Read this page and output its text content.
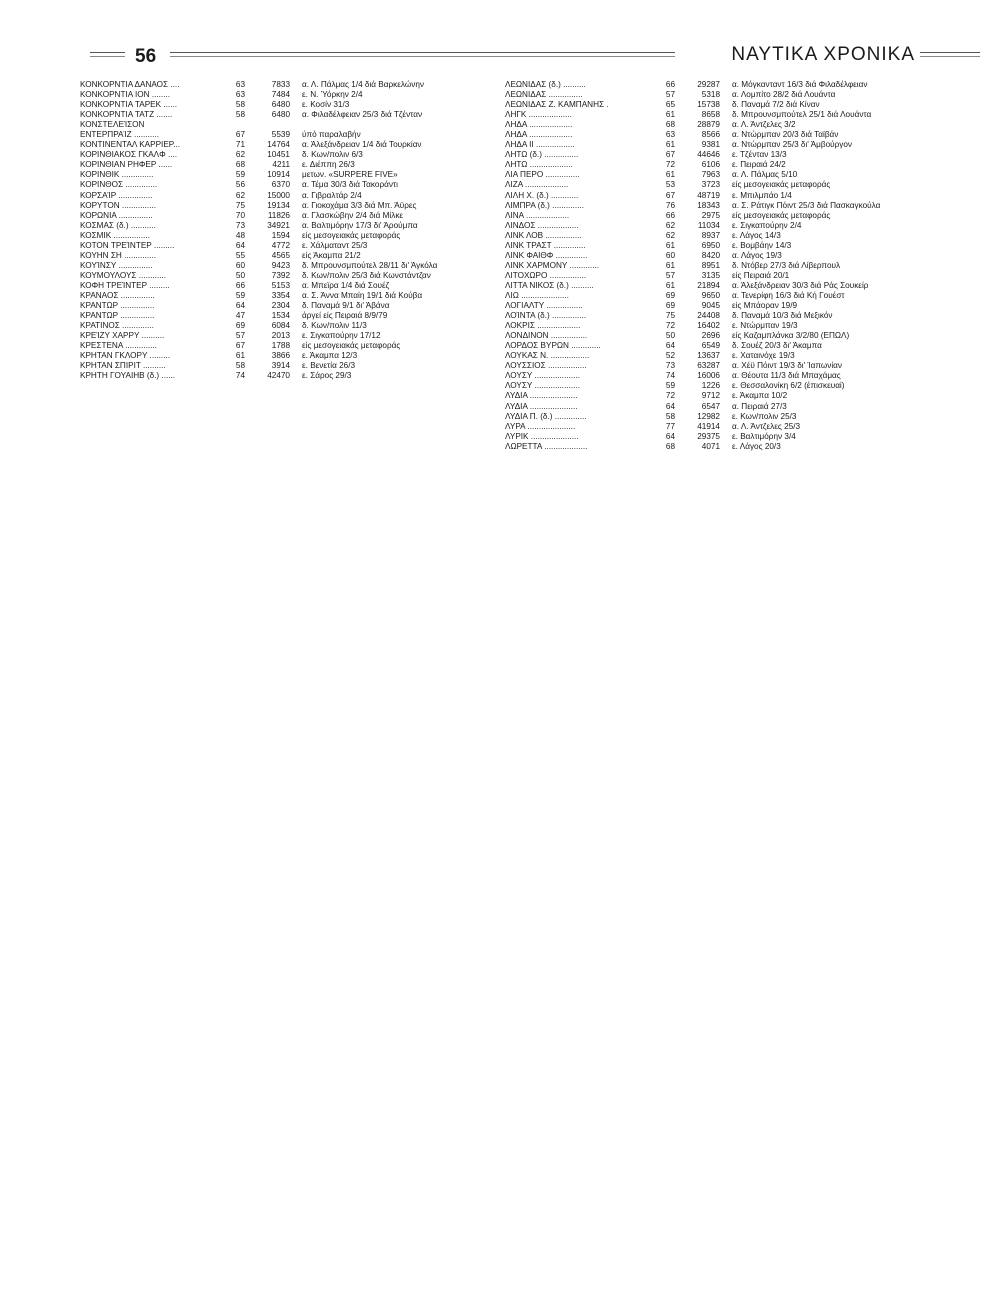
56	ΝΑΥΤΙΚΑ ΧΡΟΝΙΚΑ
ΚΟΝΚΟΡΝΤΙΑ ΔΑΝΑΟΣ ....	63	7833	α. Λ. Πάλμας 1/4 διά Βαρκελώνην
ΚΟΝΚΟΡΝΤΙΑ ΙΟΝ ........	63	7484	ε. Ν. Ύόρκην 2/4
ΚΟΝΚΟΡΝΤΙΑ ΤΑΡΕΚ ......	58	6480	ε. Κοσίν 31/3
ΚΟΝΚΟΡΝΤΙΑ ΤΑΤΖ .......	58	6480	α. Φιλαδέλφειαν 25/3 διά Τζένταν
ΚΟΝΣΤΕΛΕΊΣΟΝ
ΕΝΤΕΡΠΡΑΊΖ ...........	67	5539	ύπό παραλαβήν
ΚΟΝΤΙΝΕΝΤΑΛ ΚΑΡΡΙΕΡ...	71	14764	α. Άλεξάνδρειαν 1/4 διά Τουρκίαν
ΚΟΡΙΝΘΙΑΚΟΣ ΓΚΑΛΦ ....	62	10451	δ. Κων/πολιν 6/3
ΚΟΡΙΝΘΙΑΝ ΡΗΦΕΡ ......	68	4211	ε. Διέππη 26/3
ΚΟΡΙΝΘΙΚ ..............	59	10914	μετων. «SURPERE FIVE»
ΚΟΡΙΝΘΟΣ ..............	56	6370	α. Τέμα 30/3 διά Τακοράντι
ΚΟΡΣΑΊΡ ...............	62	15000	α. Γιβραλτάρ 2/4
ΚΟΡΥΤΟΝ ...............	75	19134	α. Γιοκοχάμα 3/3 διά Μπ. Άϋρες
ΚΟΡΩΝΙΑ ...............	70	11826	α. Γλασκώβην 2/4 διά Μίλκε
ΚΟΣΜΑΣ (δ.) ...........	73	34921	α. Βαλτιμόρην 17/3 δι' Άρούμπα
ΚΟΣΜΙΚ ................	48	1594	είς μεσογειακάς μεταφοράς
ΚΟΤΟΝ ΤΡΕΊΝΤΕΡ .........	64	4772	ε. Χάλματαντ 25/3
ΚΟΥΗΝ ΣΗ ..............	55	4565	είς Άκαμπα 21/2
ΚΟΥΊΝΣΥ ...............	60	9423	δ. Μπρουνσμπούτελ 28/11 δι' Άγκόλα
ΚΟΥΜΟΥΛΟΥΣ ............	50	7392	δ. Κων/πολιν 25/3 διά Κωνστάντζαν
ΚΟΦΗ ΤΡΕΊΝΤΕΡ .........	66	5153	α. Μπεϊρα 1/4 διά Σουέζ
ΚΡΑΝΑΟΣ ...............	59	3354	α. Σ. Άννα Μπαίη 19/1 διά Κούβα
ΚΡΑΝΤΩΡ ...............	64	2304	δ. Παναμά 9/1 δι' Άβάνα
ΚΡΑΝΤΩΡ ...............	47	1534	άργεί είς Πειραιά 8/9/79
ΚΡΑΤΙΝΟΣ ..............	69	6084	δ. Κων/πολιν 11/3
ΚΡΕΊΖΥ ΧΑΡΡΥ ..........	57	2013	ε. Σιγκαπούρην 17/12
ΚΡΕΣΤΕΝΑ ..............	67	1788	είς μεσογειακάς μεταφοράς
ΚΡΗΤΑΝ ΓΚΛΟΡΥ .........	61	3866	ε. Άκαμπα 12/3
ΚΡΗΤΑΝ ΣΠΙΡΙΤ ..........	58	3914	ε. Βενετία 26/3
ΚΡΗΤΗ ΓΟΥΑΙΗΒ (δ.) ......	74	42470	ε. Σάρος 29/3
ΛΕΩΝΙΔΑΣ (δ.) ..........	66	29287	α. Μόγκανταντ 16/3 διά Φιλαδέλφειαν
ΛΕΩΝΙΔΑΣ ...............	57	5318	α. Λομπίτο 28/2 διά Λουάντα
ΛΕΩΝΙΔΑΣ Ζ. ΚΑΜΠΑΝΗΣ .	65	15738	δ. Παναμά 7/2 διά Κίναν
ΛΗΓΚ ...................	61	8658	δ. Μπρουνσμπούτελ 25/1 διά Λουάντα
ΛΗΔΑ ...................	68	28879	α. Λ. Άντζελες 3/2
ΛΗΔΑ ...................	63	8566	α. Ντώρμπαν 20/3 διά Ταϊβάν
ΛΗΔΑ ΙΙ .................	61	9381	α. Ντώρμπαν 25/3 δι' Άμβούργον
ΛΗΤΩ (δ.) ...............	67	44646	ε. Τζένταν 13/3
ΛΗΤΩ ...................	72	6106	ε. Πειραιά 24/2
ΛΙΑ ΠΕΡΟ ...............	61	7963	α. Λ. Πάλμας 5/10
ΛΙΖΑ ...................	53	3723	είς μεσογειακάς μεταφοράς
ΛΙΛΗ Χ. (δ.) ............	67	48719	ε. Μπιλμπάο 1/4
ΛΙΜΠΡΑ (δ.) ..............	76	18343	α. Σ. Ράτιγκ Πόιντ 25/3 διά Πασκαγκούλα
ΛΙΝΑ ...................	66	2975	είς μεσογειακάς μεταφοράς
ΛΙΝΔΟΣ ..................	62	11034	ε. Σιγκαπούρην 2/4
ΛΙΝΚ ΛΟΒ ................	62	8937	ε. Λάγος 14/3
ΛΙΝΚ ΤΡΑΣΤ ..............	61	6950	ε. Βομβάην 14/3
ΛΙΝΚ ΦΑΙΘΦ ..............	60	8420	α. Λάγος 19/3
ΛΙΝΚ ΧΑΡΜΟΝΥ .............	61	8951	δ. Ντόβερ 27/3 διά Λίβερπουλ
ΛΙΤΟΧΩΡΟ ................	57	3135	είς Πειραιά 20/1
ΛΙΤΤΑ ΝΙΚΟΣ (δ.) ..........	61	21894	α. Άλεξάνδρειαν 30/3 διά Ράς Σουκείρ
ΛΙΩ .....................	69	9650	α. Τενερίφη 16/3 διά Κή Γουέστ
ΛΟΓΙΑΛΤΥ ................	69	9045	είς Μπάοραν 19/9
ΛΟΊΝΤΑ (δ.) ...............	75	24408	δ. Παναμά 10/3 διά Μεξικόν
ΛΟΚΡΙΣ ...................	72	16402	ε. Ντώρμπαν 19/3
ΛΟΝΔΙΝΟΝ ................	50	2696	είς Καζαμπλάνκα 3/2/80 (ΕΠΩΛ)
ΛΟΡΔΟΣ ΒΥΡΩΝ .............	64	6549	δ. Σουέζ 20/3 δι' Άκαμπα
ΛΟΥΚΑΣ Ν. .................	52	13637	ε. Χαταινόχε 19/3
ΛΟΥΣΣΙΟΣ .................	73	63287	α. Χέϋ Πόιντ 19/3 δι' Ίαπωνίαν
ΛΟΥΣΥ ....................	74	16006	α. Θέουτα 11/3 διά Μπαχάμας
ΛΟΥΣΥ ....................	59	1226	ε. Θεσσαλονίκη 6/2 (έπισκευαί)
ΛΥΔΙΑ .....................	72	9712	ε. Άκαμπα 10/2
ΛΥΔΙΑ .....................	64	6547	α. Πειραιά 27/3
ΛΥΔΙΑ Π. (δ.) ..............	58	12982	ε. Κων/πολιν 25/3
ΛΥΡΑ .....................	77	41914	α. Λ. Άντζελες 25/3
ΛΥΡΙΚ .....................	64	29375	ε. Βαλτιμόρην 3/4
ΛΩΡΕΤΤΑ ...................	68	4071	ε. Λάγος 20/3
